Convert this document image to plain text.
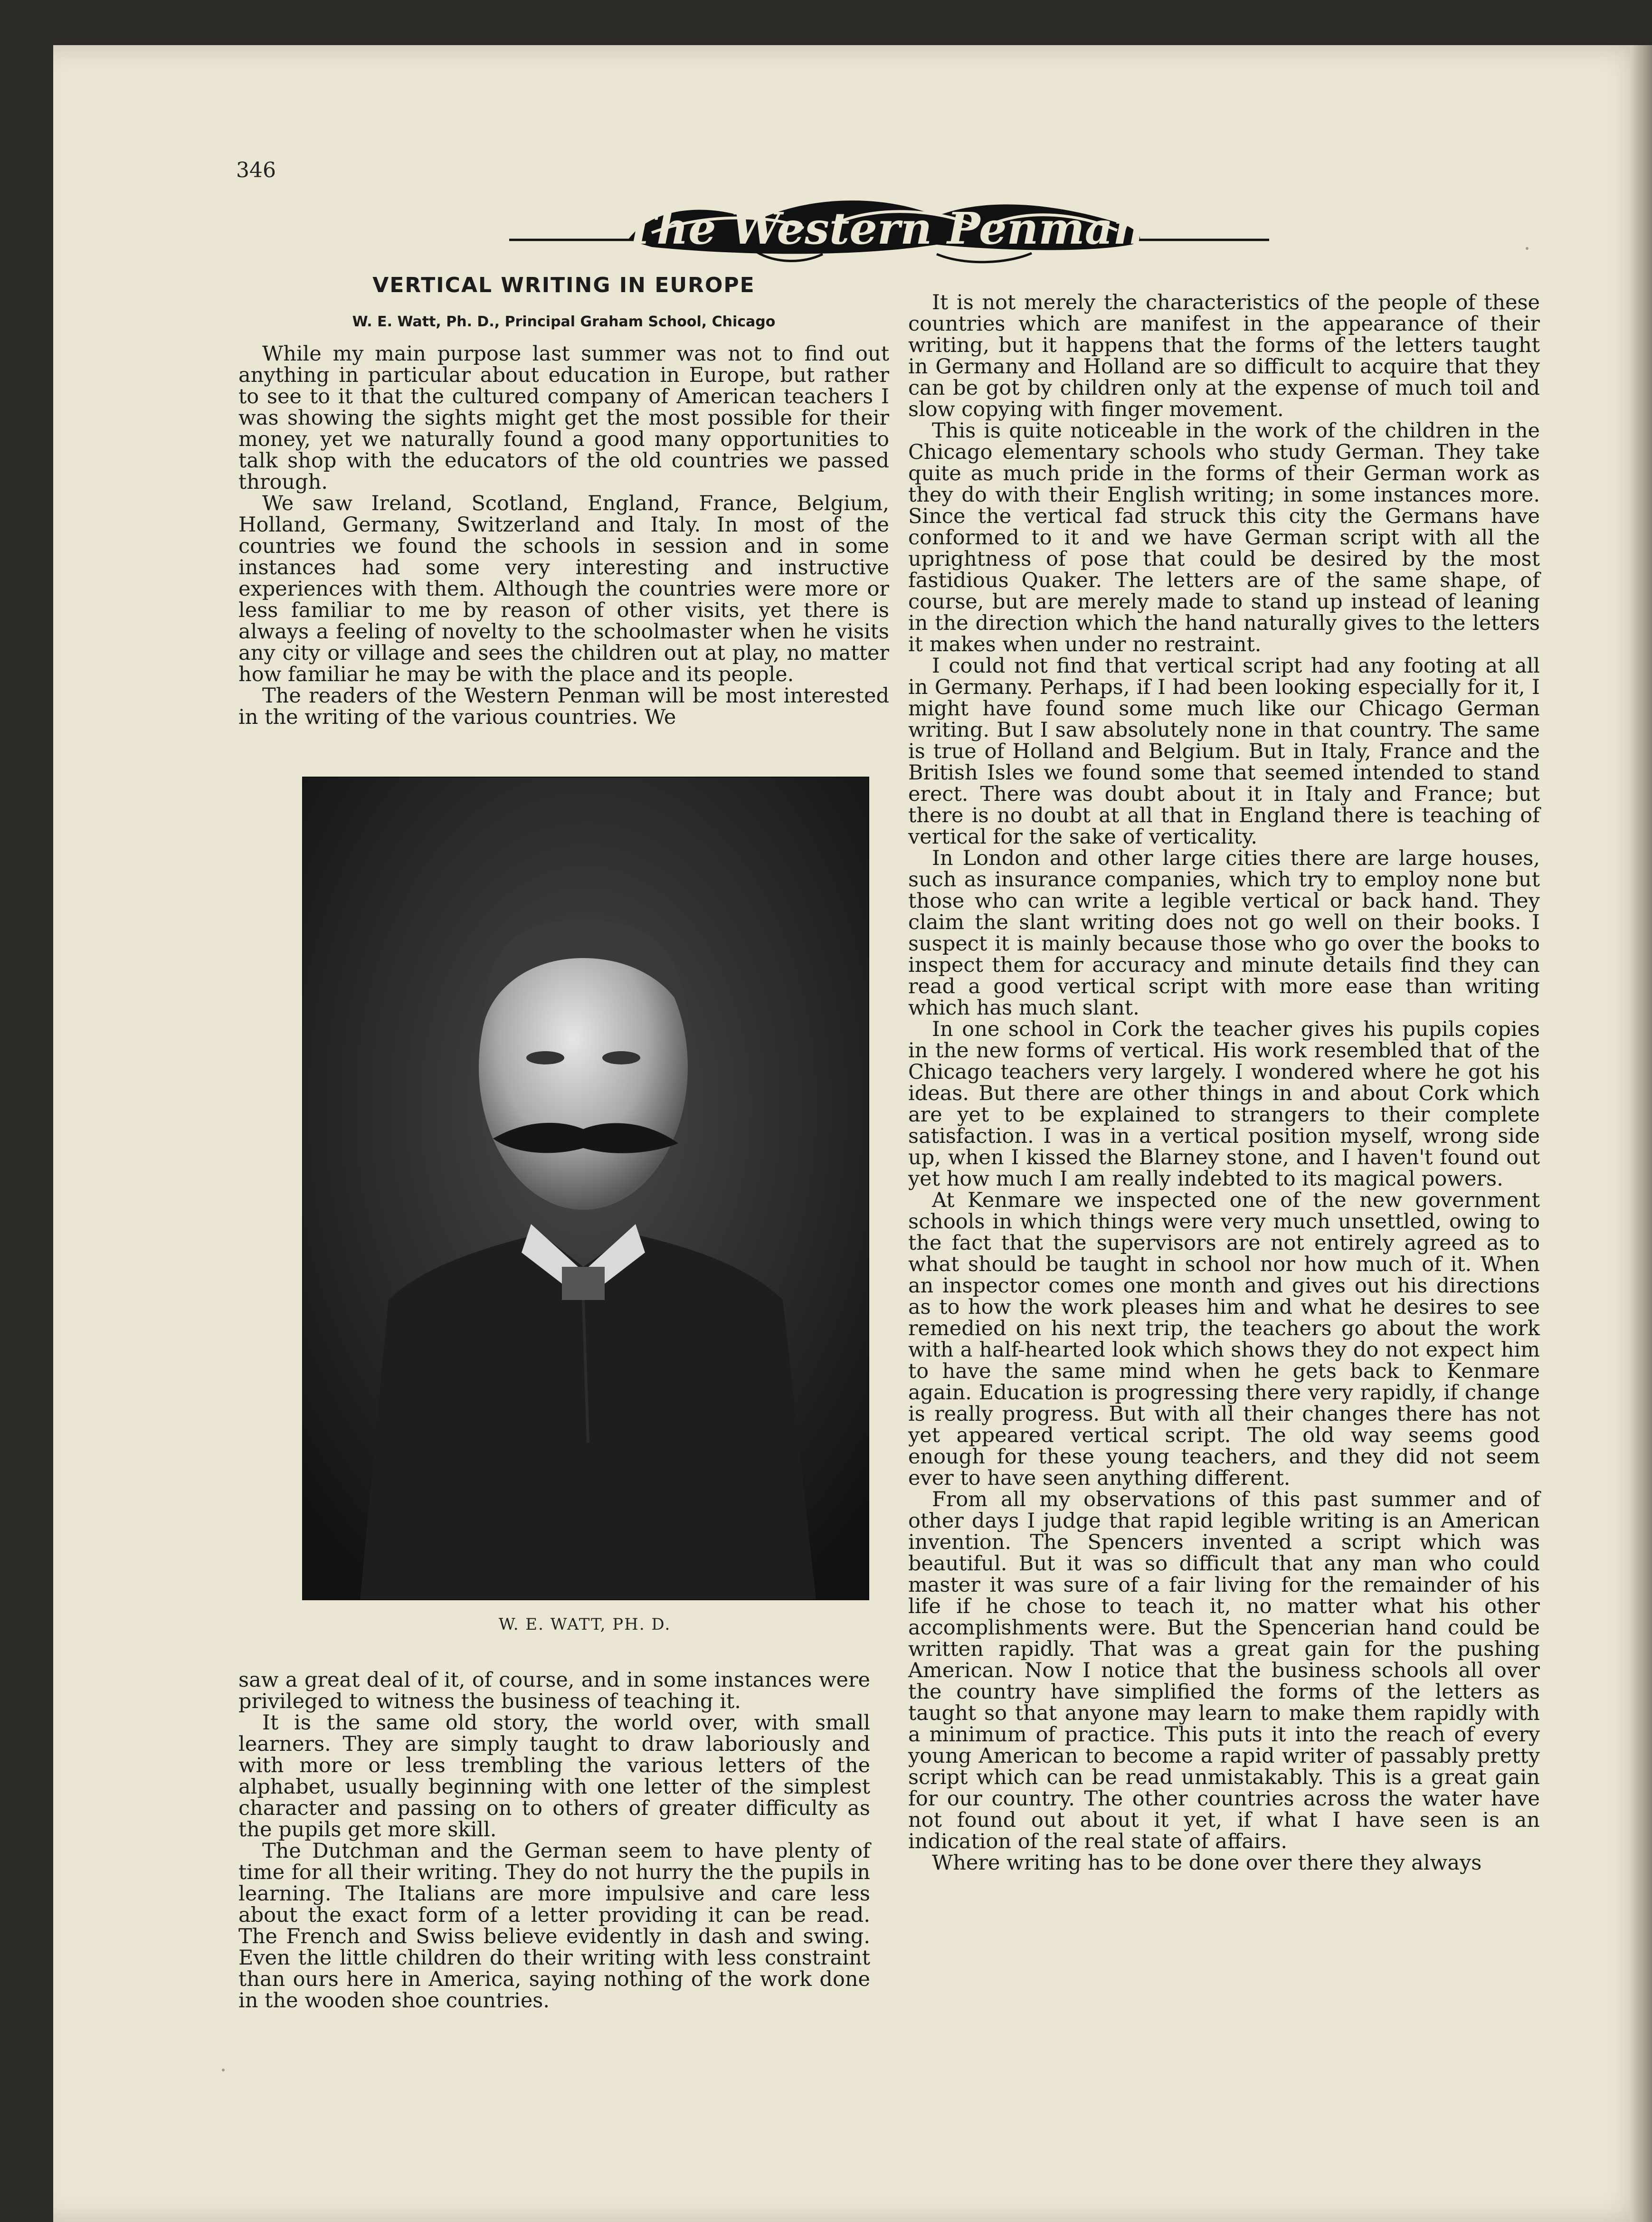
346
The Western Penman
VERTICAL WRITING IN EUROPE
W. E. Watt, Ph. D., Principal Graham School, Chicago

While my main purpose last summer was not to find out anything in particular about education in Europe, but rather to see to it that the cultured company of American teachers I was showing the sights might get the most possible for their money, yet we naturally found a good many opportunities to talk shop with the educators of the old countries we passed through.

We saw Ireland, Scotland, England, France, Belgium, Holland, Germany, Switzerland and Italy. In most of the countries we found the schools in session and in some instances had some very interesting and instructive experiences with them. Although the countries were more or less familiar to me by reason of other visits, yet there is always a feeling of novelty to the schoolmaster when he visits any city or village and sees the children out at play, no matter how familiar he may be with the place and its people.

The readers of the Western Penman will be most interested in the writing of the various countries. We

W. E. WATT, PH. D.

saw a great deal of it, of course, and in some instances were privileged to witness the business of teaching it.

It is the same old story, the world over, with small learners. They are simply taught to draw laboriously and with more or less trembling the various letters of the alphabet, usually beginning with one letter of the simplest character and passing on to others of greater difficulty as the pupils get more skill.

The Dutchman and the German seem to have plenty of time for all their writing. They do not hurry the the pupils in learning. The Italians are more impulsive and care less about the exact form of a letter providing it can be read. The French and Swiss believe evidently in dash and swing. Even the little children do their writing with less constraint than ours here in America, saying nothing of the work done in the wooden shoe countries.

It is not merely the characteristics of the people of these countries which are manifest in the appearance of their writing, but it happens that the forms of the letters taught in Germany and Holland are so difficult to acquire that they can be got by children only at the expense of much toil and slow copying with finger movement.

This is quite noticeable in the work of the children in the Chicago elementary schools who study German. They take quite as much pride in the forms of their German work as they do with their English writing; in some instances more. Since the vertical fad struck this city the Germans have conformed to it and we have German script with all the uprightness of pose that could be desired by the most fastidious Quaker. The letters are of the same shape, of course, but are merely made to stand up instead of leaning in the direction which the hand naturally gives to the letters it makes when under no restraint.

I could not find that vertical script had any footing at all in Germany. Perhaps, if I had been looking especially for it, I might have found some much like our Chicago German writing. But I saw absolutely none in that country. The same is true of Holland and Belgium. But in Italy, France and the British Isles we found some that seemed intended to stand erect. There was doubt about it in Italy and France; but there is no doubt at all that in England there is teaching of vertical for the sake of verticality.

In London and other large cities there are large houses, such as insurance companies, which try to employ none but those who can write a legible vertical or back hand. They claim the slant writing does not go well on their books. I suspect it is mainly because those who go over the books to inspect them for accuracy and minute details find they can read a good vertical script with more ease than writing which has much slant.

In one school in Cork the teacher gives his pupils copies in the new forms of vertical. His work resembled that of the Chicago teachers very largely. I wondered where he got his ideas. But there are other things in and about Cork which are yet to be explained to strangers to their complete satisfaction. I was in a vertical position myself, wrong side up, when I kissed the Blarney stone, and I haven't found out yet how much I am really indebted to its magical powers.

At Kenmare we inspected one of the new government schools in which things were very much unsettled, owing to the fact that the supervisors are not entirely agreed as to what should be taught in school nor how much of it. When an inspector comes one month and gives out his directions as to how the work pleases him and what he desires to see remedied on his next trip, the teachers go about the work with a half-hearted look which shows they do not expect him to have the same mind when he gets back to Kenmare again. Education is progressing there very rapidly, if change is really progress. But with all their changes there has not yet appeared vertical script. The old way seems good enough for these young teachers, and they did not seem ever to have seen anything different.

From all my observations of this past summer and of other days I judge that rapid legible writing is an American invention. The Spencers invented a script which was beautiful. But it was so difficult that any man who could master it was sure of a fair living for the remainder of his life if he chose to teach it, no matter what his other accomplishments were. But the Spencerian hand could be written rapidly. That was a great gain for the pushing American. Now I notice that the business schools all over the country have simplified the forms of the letters as taught so that anyone may learn to make them rapidly with a minimum of practice. This puts it into the reach of every young American to become a rapid writer of passably pretty script which can be read unmistakably. This is a great gain for our country. The other countries across the water have not found out about it yet, if what I have seen is an indication of the real state of affairs.

Where writing has to be done over there they always
